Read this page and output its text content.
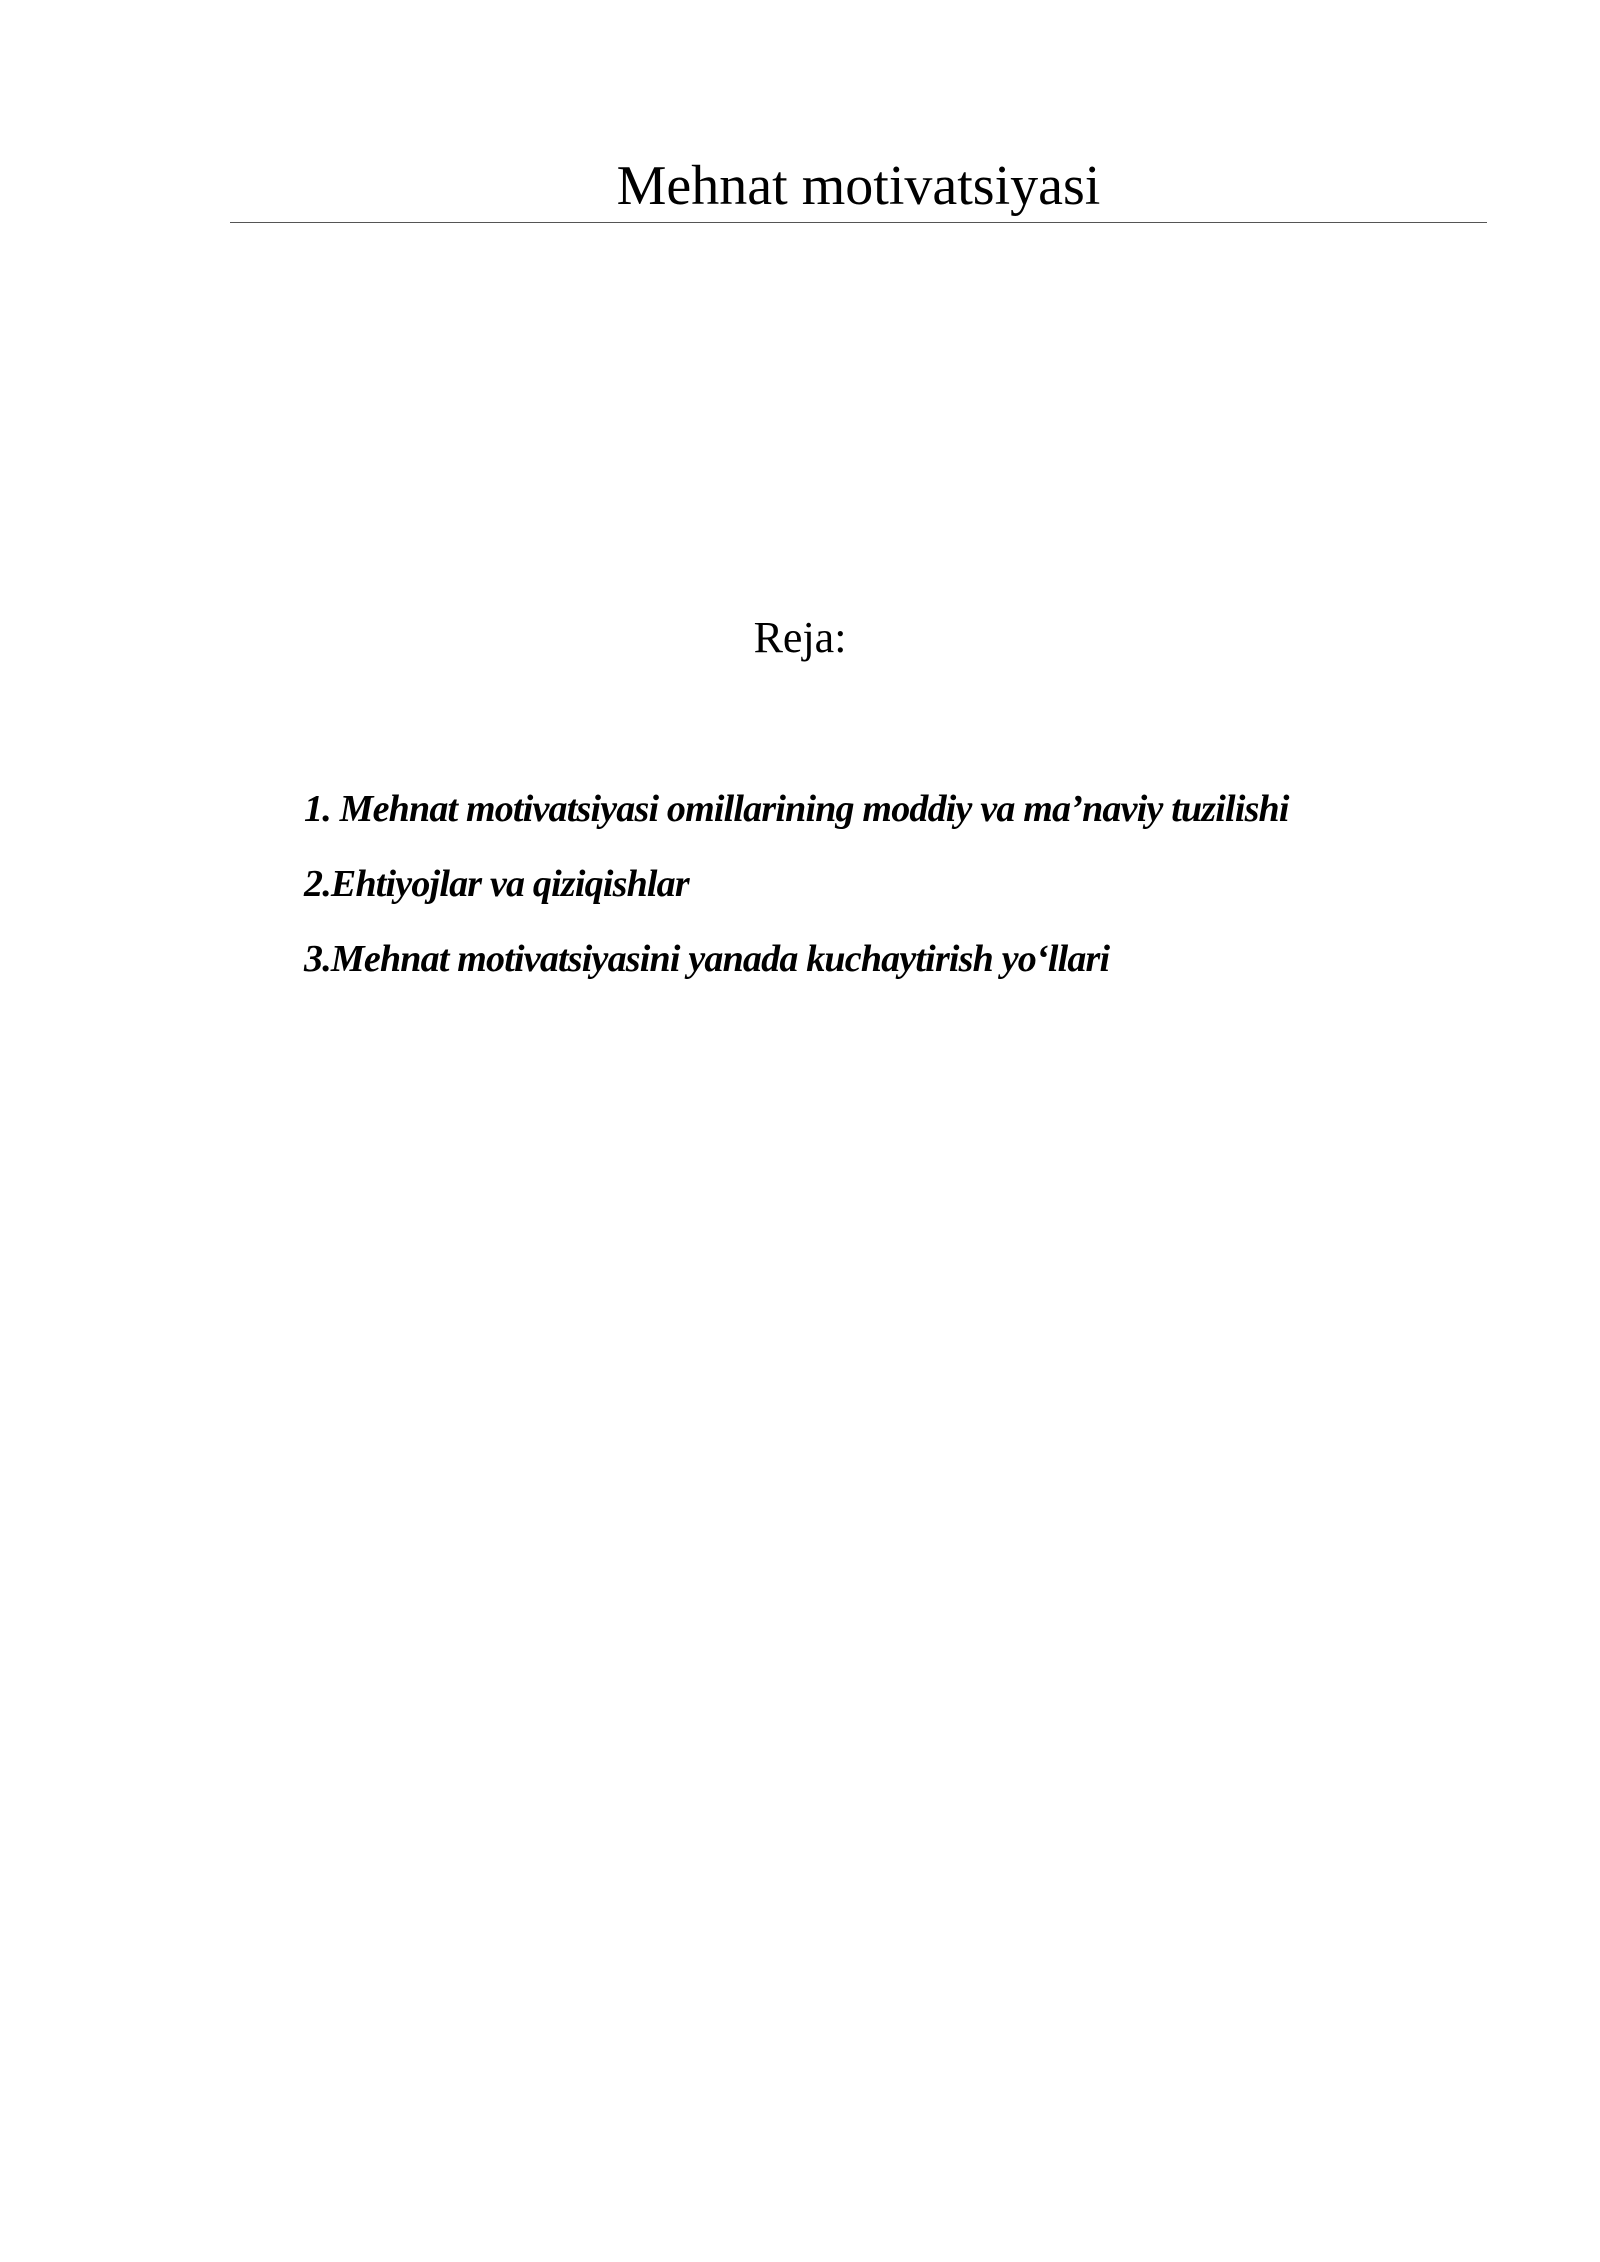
Mehnat motivatsiyasi
Reja:
1. Mehnat motivatsiyasi omillarining moddiy va ma’naviy tuzilishi
2.Ehtiyojlar va qiziqishlar
3.Mehnat motivatsiyasini yanada kuchaytirish yo‘llari
